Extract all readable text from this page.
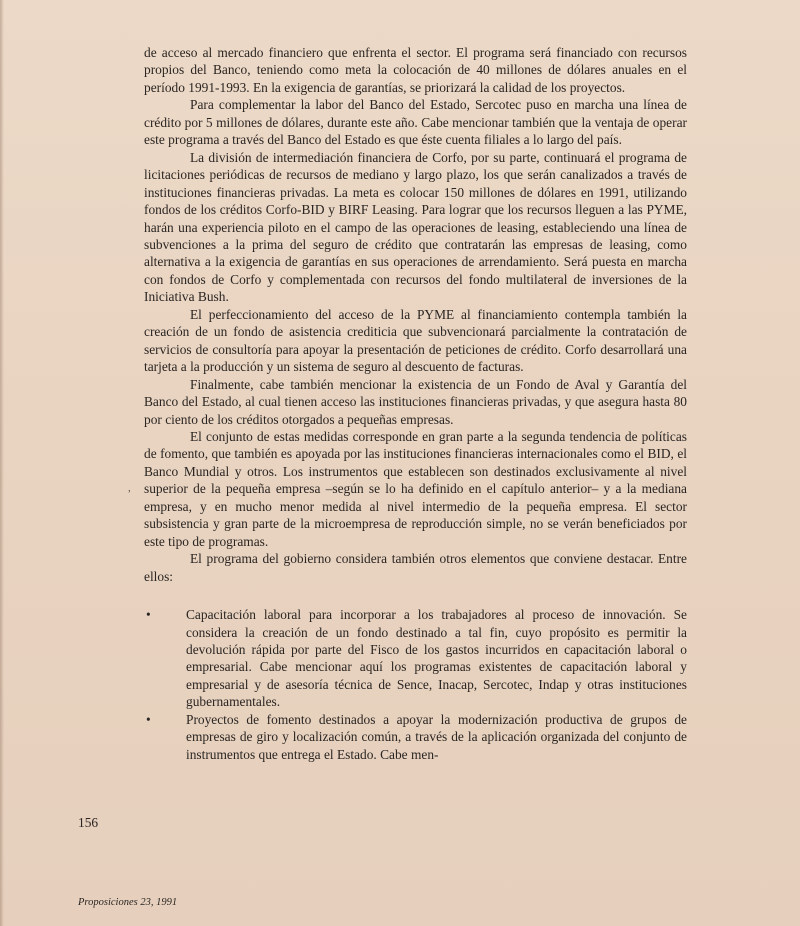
de acceso al mercado financiero que enfrenta el sector. El programa será financiado con recursos propios del Banco, teniendo como meta la colocación de 40 millones de dólares anuales en el período 1991-1993. En la exigencia de garantías, se priorizará la calidad de los proyectos.

Para complementar la labor del Banco del Estado, Sercotec puso en marcha una línea de crédito por 5 millones de dólares, durante este año. Cabe mencionar también que la ventaja de operar este programa a través del Banco del Estado es que éste cuenta filiales a lo largo del país.

La división de intermediación financiera de Corfo, por su parte, continuará el programa de licitaciones periódicas de recursos de mediano y largo plazo, los que serán canalizados a través de instituciones financieras privadas. La meta es colocar 150 millones de dólares en 1991, utilizando fondos de los créditos Corfo-BID y BIRF Leasing. Para lograr que los recursos lleguen a las PYME, harán una experiencia piloto en el campo de las operaciones de leasing, estableciendo una línea de subvenciones a la prima del seguro de crédito que contratarán las empresas de leasing, como alternativa a la exigencia de garantías en sus operaciones de arrendamiento. Será puesta en marcha con fondos de Corfo y complementada con recursos del fondo multilateral de inversiones de la Iniciativa Bush.

El perfeccionamiento del acceso de la PYME al financiamiento contempla también la creación de un fondo de asistencia crediticia que subvencionará parcialmente la contratación de servicios de consultoría para apoyar la presentación de peticiones de crédito. Corfo desarrollará una tarjeta a la producción y un sistema de seguro al descuento de facturas.

Finalmente, cabe también mencionar la existencia de un Fondo de Aval y Garantía del Banco del Estado, al cual tienen acceso las instituciones financieras privadas, y que asegura hasta 80 por ciento de los créditos otorgados a pequeñas empresas.

El conjunto de estas medidas corresponde en gran parte a la segunda tendencia de políticas de fomento, que también es apoyada por las instituciones financieras internacionales como el BID, el Banco Mundial y otros. Los instrumentos que establecen son destinados exclusivamente al nivel superior de la pequeña empresa –según se lo ha definido en el capítulo anterior– y a la mediana empresa, y en mucho menor medida al nivel intermedio de la pequeña empresa. El sector subsistencia y gran parte de la microempresa de reproducción simple, no se verán beneficiados por este tipo de programas.

El programa del gobierno considera también otros elementos que conviene destacar. Entre ellos:

•	Capacitación laboral para incorporar a los trabajadores al proceso de innovación. Se considera la creación de un fondo destinado a tal fin, cuyo propósito es permitir la devolución rápida por parte del Fisco de los gastos incurridos en capacitación laboral o empresarial. Cabe mencionar aquí los programas existentes de capacitación laboral y empresarial y de asesoría técnica de Sence, Inacap, Sercotec, Indap y otras instituciones gubernamentales.
•	Proyectos de fomento destinados a apoyar la modernización productiva de grupos de empresas de giro y localización común, a través de la aplicación organizada del conjunto de instrumentos que entrega el Estado. Cabe men-
,
156
Proposiciones 23, 1991
